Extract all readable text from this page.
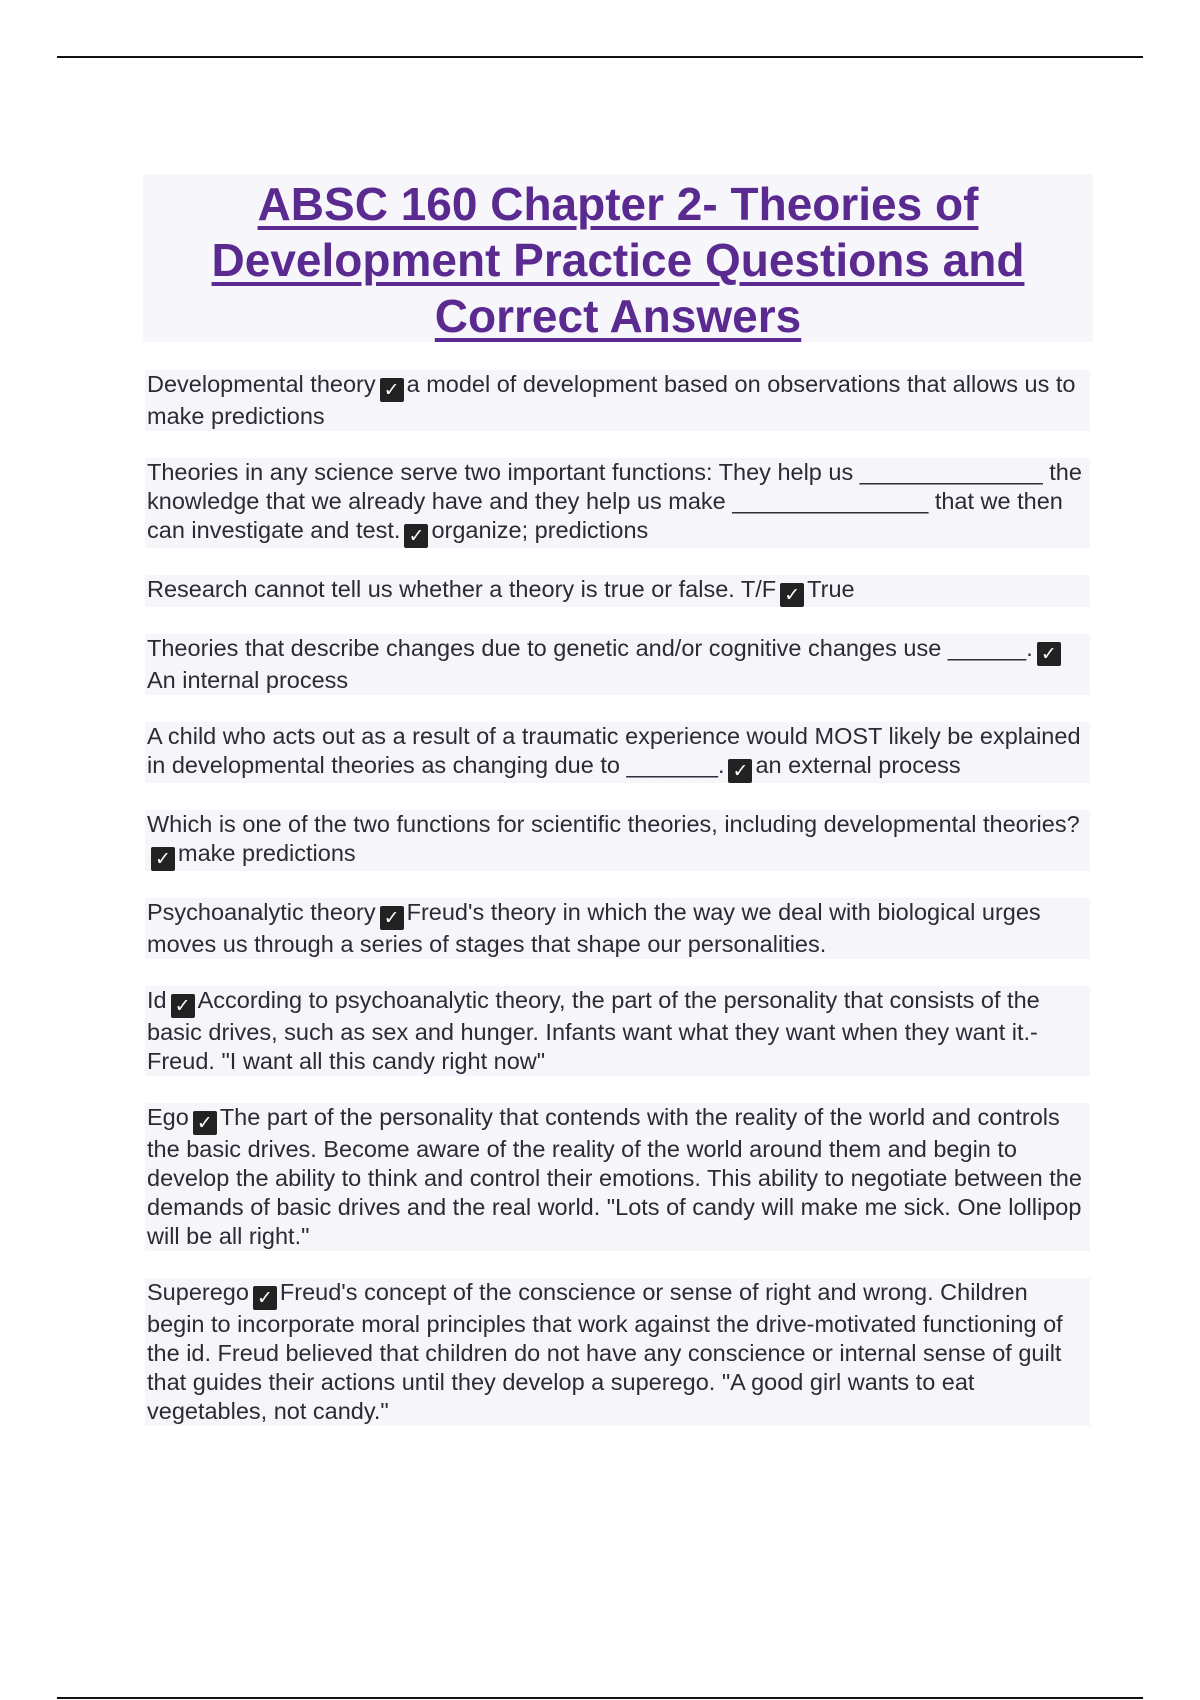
ABSC 160 Chapter 2- Theories of Development Practice Questions and Correct Answers

Developmental theory ✓ a model of development based on observations that allows us to make predictions

Theories in any science serve two important functions: They help us ______________ the knowledge that we already have and they help us make _______________ that we then can investigate and test. ✓ organize; predictions

Research cannot tell us whether a theory is true or false. T/F ✓ True

Theories that describe changes due to genetic and/or cognitive changes use ______. ✓An internal process

A child who acts out as a result of a traumatic experience would MOST likely be explained in developmental theories as changing due to _______. ✓ an external process

Which is one of the two functions for scientific theories, including developmental theories?✓ make predictions

Psychoanalytic theory ✓ Freud's theory in which the way we deal with biological urges moves us through a series of stages that shape our personalities.

Id ✓ According to psychoanalytic theory, the part of the personality that consists of the basic drives, such as sex and hunger. Infants want what they want when they want it.- Freud. "I want all this candy right now"

Ego ✓ The part of the personality that contends with the reality of the world and controls the basic drives. Become aware of the reality of the world around them and begin to develop the ability to think and control their emotions. This ability to negotiate between the demands of basic drives and the real world. "Lots of candy will make me sick. One lollipop will be all right."

Superego ✓ Freud's concept of the conscience or sense of right and wrong. Children begin to incorporate moral principles that work against the drive-motivated functioning of the id. Freud believed that children do not have any conscience or internal sense of guilt that guides their actions until they develop a superego. "A good girl wants to eat vegetables, not candy."
